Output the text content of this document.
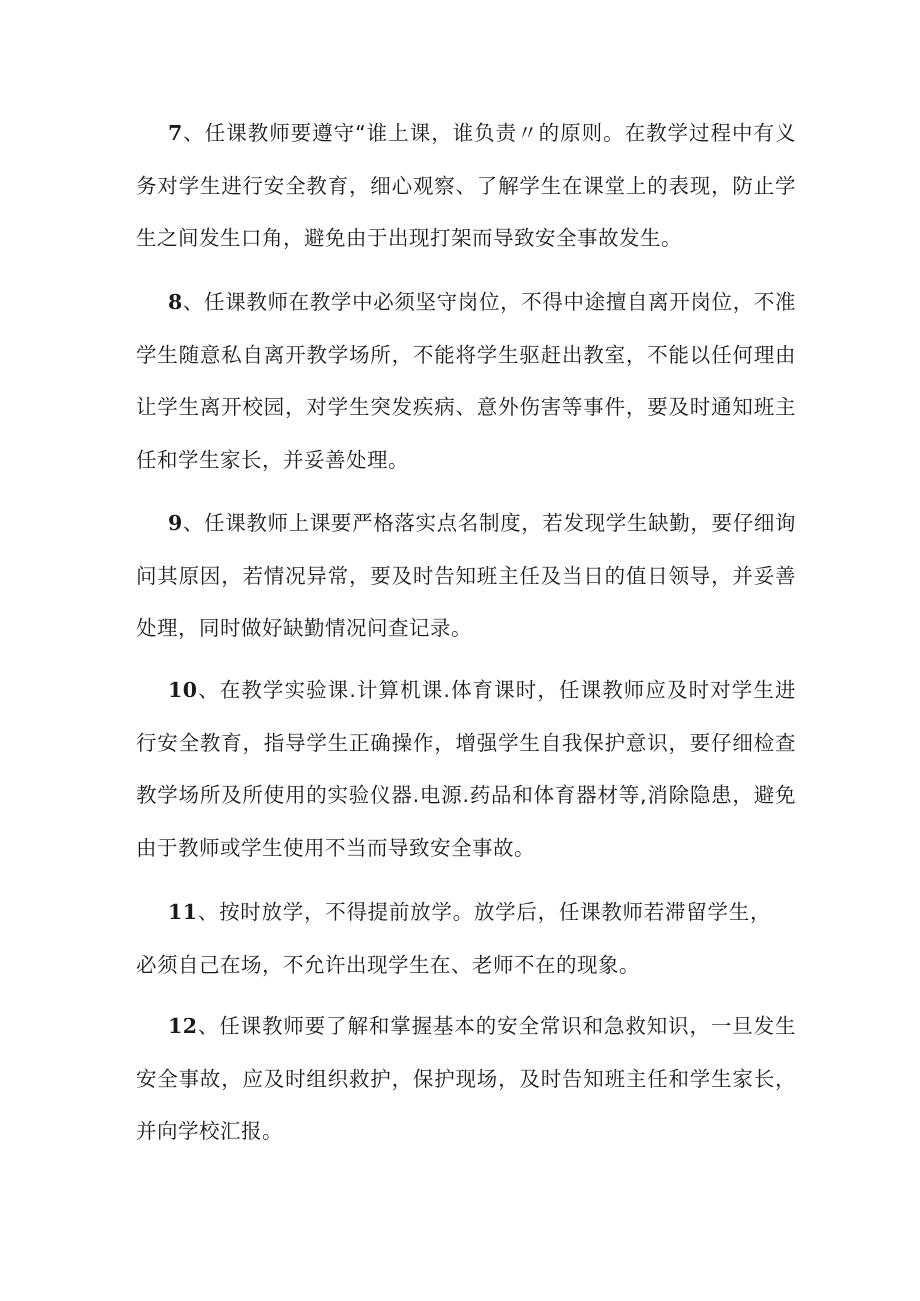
7、任课教师要遵守“谁上课，谁负责〃的原则。在教学过程中有义务对学生进行安全教育，细心观察、了解学生在课堂上的表现，防止学生之间发生口角，避免由于出现打架而导致安全事故发生。

8、任课教师在教学中必须坚守岗位，不得中途擅自离开岗位，不准学生随意私自离开教学场所，不能将学生驱赶出教室，不能以任何理由让学生离开校园，对学生突发疾病、意外伤害等事件，要及时通知班主任和学生家长，并妥善处理。

9、任课教师上课要严格落实点名制度，若发现学生缺勤，要仔细询问其原因，若情况异常，要及时告知班主任及当日的值日领导，并妥善处理，同时做好缺勤情况问查记录。

10、在教学实验课.计算机课.体育课时，任课教师应及时对学生进行安全教育，指导学生正确操作，增强学生自我保护意识，要仔细检查教学场所及所使用的实验仪器.电源.药品和体育器材等,消除隐患，避免由于教师或学生使用不当而导致安全事故。

11、按时放学，不得提前放学。放学后，任课教师若滞留学生，必须自己在场，不允许出现学生在、老师不在的现象。

12、任课教师要了解和掌握基本的安全常识和急救知识，一旦发生安全事故，应及时组织救护，保护现场，及时告知班主任和学生家长，并向学校汇报。
